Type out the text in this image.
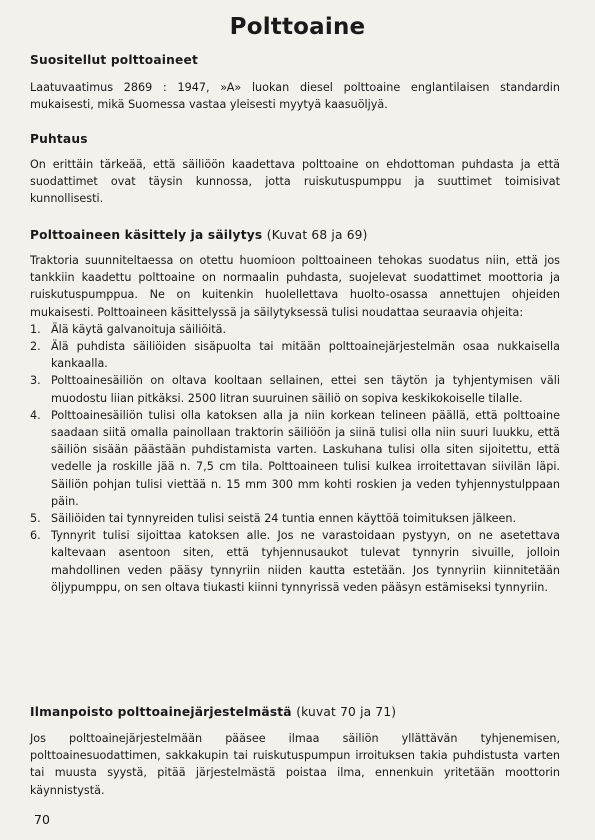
Polttoaine

Suositellut polttoaineet

Laatuvaatimus 2869 : 1947, »A» luokan diesel polttoaine englantilaisen standardin mukaisesti, mikä Suomessa vastaa yleisesti myytyä kaasuöljyä.

Puhtaus

On erittäin tärkeää, että säiliöön kaadettava polttoaine on ehdottoman puhdasta ja että suodattimet ovat täysin kunnossa, jotta ruiskutuspumppu ja suuttimet toimisivat kunnollisesti.

Polttoaineen käsittely ja säilytys (Kuvat 68 ja 69)

Traktoria suunniteltaessa on otettu huomioon polttoaineen tehokas suodatus niin, että jos tankkiin kaadettu polttoaine on normaalin puhdasta, suojelevat suodattimet moottoria ja ruiskutuspumppua. Ne on kuitenkin huolellettava huolto-osassa annettujen ohjeiden mukaisesti. Polttoaineen käsittelyssä ja säilytyksessä tulisi noudattaa seuraavia ohjeita:

1. Älä käytä galvanoituja säiliöitä.
2. Älä puhdista säiliöiden sisäpuolta tai mitään polttoainejärjestelmän osaa nukkaisella kankaalla.
3. Polttoainesäiliön on oltava kooltaan sellainen, ettei sen täytön ja tyhjentymisen väli muodostu liian pitkäksi. 2500 litran suuruinen säiliö on sopiva keskikokoiselle tilalle.
4. Polttoainesäiliön tulisi olla katoksen alla ja niin korkean telineen päällä, että polttoaine saadaan siitä omalla painollaan traktorin säiliöön ja siinä tulisi olla niin suuri luukku, että säiliön sisään päästään puhdistamista varten. Laskuhana tulisi olla siten sijoitettu, että vedelle ja roskille jää n. 7,5 cm tila. Polttoaineen tulisi kulkea irroitettavan siivilän läpi. Säiliön pohjan tulisi viettää n. 15 mm 300 mm kohti roskien ja veden tyhjennystulppaan päin.
5. Säiliöiden tai tynnyreiden tulisi seistä 24 tuntia ennen käyttöä toimituksen jälkeen.
6. Tynnyrit tulisi sijoittaa katoksen alle. Jos ne varastoidaan pystyyn, on ne asetettava kaltevaan asentoon siten, että tyhjennusaukot tulevat tynnyrin sivuille, jolloin mahdollinen veden pääsy tynnyriin niiden kautta estetään. Jos tynnyriin kiinnitetään öljypumppu, on sen oltava tiukasti kiinni tynnyrissä veden pääsyn estämiseksi tynnyriin.

Ilmanpoisto polttoainejärjestelmästä (kuvat 70 ja 71)

Jos polttoainejärjestelmään pääsee ilmaa säiliön yllättävän tyhjenemisen, polttoainesuodattimen, sakkakupin tai ruiskutuspumpun irroituksen takia puhdistusta varten tai muusta syystä, pitää järjestelmästä poistaa ilma, ennenkuin yritetään moottorin käynnistystä.

70
